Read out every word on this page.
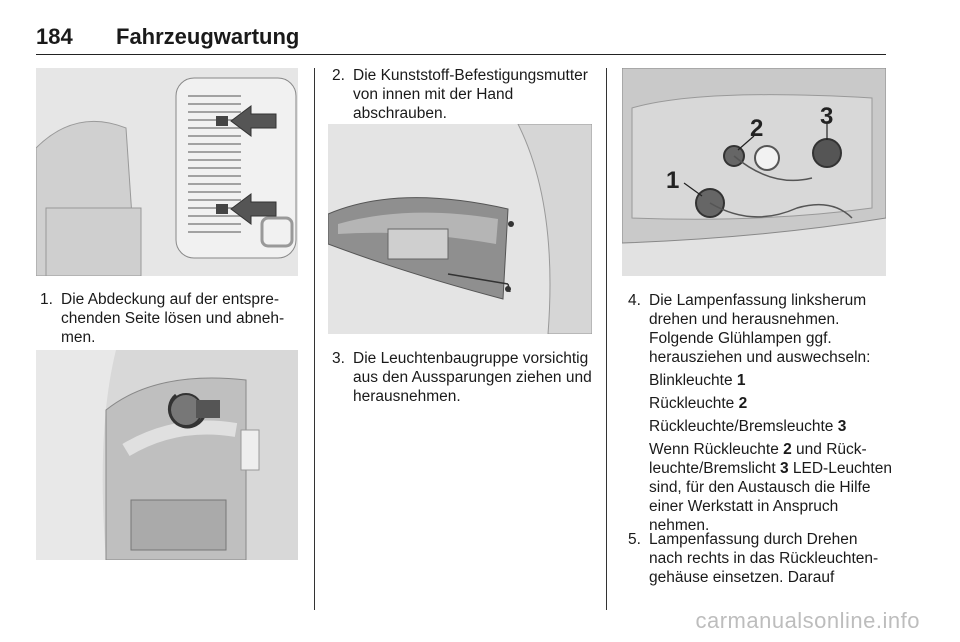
184 Fahrzeugwartung
1
2 3
1. Die Abdeckung auf der entsprechenden Seite lösen und abnehmen.

2. Die Kunststoff-Befestigungsmutter von innen mit der Hand abschrauben.

3. Die Leuchtenbaugruppe vorsichtig aus den Aussparungen ziehen und herausnehmen.

4. Die Lampenfassung linksherum drehen und herausnehmen. Folgende Glühlampen ggf. herausziehen und auswechseln:

Blinkleuchte 1

Rückleuchte 2

Rückleuchte/Bremsleuchte 3

Wenn Rückleuchte 2 und Rückleuchte/Bremslicht 3 LED-Leuchten sind, für den Austausch die Hilfe einer Werkstatt in Anspruch nehmen.

5. Lampenfassung durch Drehen nach rechts in das Rückleuchtengehäuse einsetzen. Darauf

carmanualsonline.info
